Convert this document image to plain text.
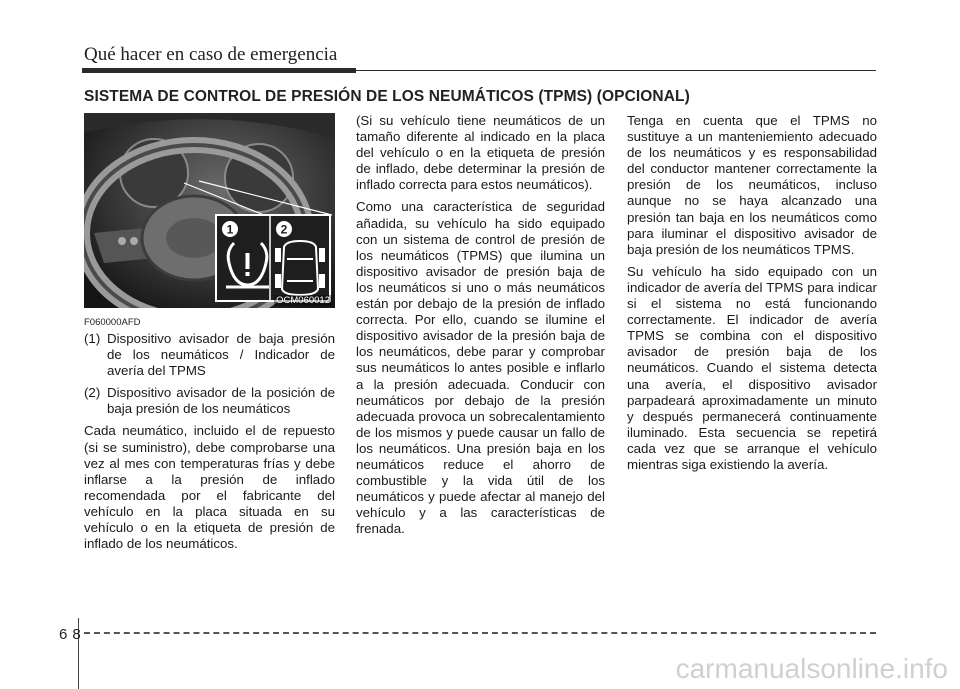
Qué hacer en caso de emergencia
SISTEMA DE CONTROL DE PRESIÓN DE LOS NEUMÁTICOS (TPMS) (OPCIONAL)
1	2
OCM060012
F060000AFD
(1) Dispositivo avisador de baja presión de los neumáticos / Indicador de avería del TPMS
(2) Dispositivo avisador de la posición de baja presión de los neumáticos

Cada neumático, incluido el de repuesto (si se suministro), debe comprobarse una vez al mes con temperaturas frías y debe inflarse a la presión de inflado recomendada por el fabricante del vehículo en la placa situada en su vehículo o en la etiqueta de presión de inflado de los neumáticos.

(Si su vehículo tiene neumáticos de un tamaño diferente al indicado en la placa del vehículo o en la etiqueta de presión de inflado, debe determinar la presión de inflado correcta para estos neumáticos).

Como una característica de seguridad añadida, su vehículo ha sido equipado con un sistema de control de presión de los neumáticos (TPMS) que ilumina un dispositivo avisador de presión baja de los neumáticos si uno o más neumáticos están por debajo de la presión de inflado correcta. Por ello, cuando se ilumine el dispositivo avisador de la presión baja de los neumáticos, debe parar y comprobar sus neumáticos lo antes posible e inflarlo a la presión adecuada. Conducir con neumáticos por debajo de la presión adecuada provoca un sobrecalentamiento de los mismos y puede causar un fallo de los neumáticos. Una presión baja en los neumáticos reduce el ahorro de combustible y la vida útil de los neumáticos y puede afectar al manejo del vehículo y a las características de frenada.

Tenga en cuenta que el TPMS no sustituye a un manteniemiento adecuado de los neumáticos y es responsabilidad del conductor mantener correctamente la presión de los neumáticos, incluso aunque no se haya alcanzado una presión tan baja en los neumáticos como para iluminar el dispositivo avisador de baja presión de los neumáticos TPMS.

Su vehículo ha sido equipado con un indicador de avería del TPMS para indicar si el sistema no está funcionando correctamente. El indicador de avería TPMS se combina con el dispositivo avisador de presión baja de los neumáticos. Cuando el sistema detecta una avería, el dispositivo avisador parpadeará aproximadamente un minuto y después permanecerá continuamente iluminado. Esta secuencia se repetirá cada vez que se arranque el vehículo mientras siga existiendo la avería.

68
carmanualsonline.info
